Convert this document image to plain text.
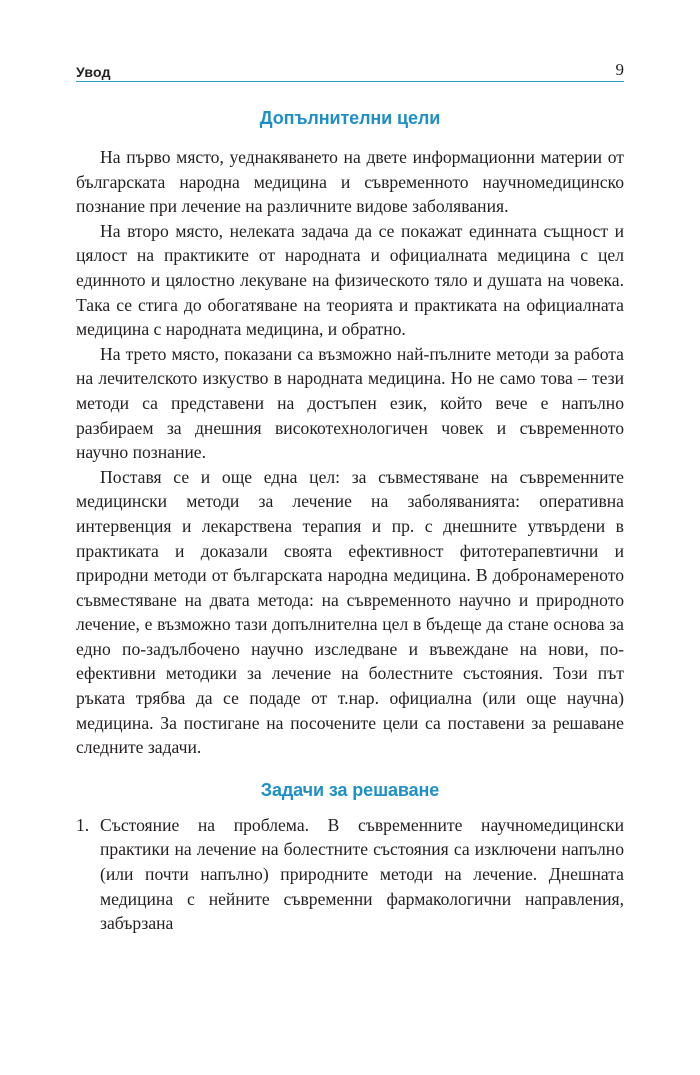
Увод	9
Допълнителни цели

На първо място, уеднакяването на двете информационни материи от българската народна медицина и съвременното научномедицинско познание при лечение на различните видове заболявания.

На второ място, нелеката задача да се покажат единната същност и цялост на практиките от народната и официалната медицина с цел единното и цялостно лекуване на физическото тяло и душата на човека. Така се стига до обогатяване на теорията и практиката на официалната медицина с народната медицина, и обратно.

На трето място, показани са възможно най-пълните методи за работа на лечителското изкуство в народната медицина. Но не само това – тези методи са представени на достъпен език, който вече е напълно разбираем за днешния високотехнологичен човек и съвременното научно познание.

Поставя се и още една цел: за съвместяване на съвременните медицински методи за лечение на заболяванията: оперативна интервенция и лекарствена терапия и пр. с днешните утвърдени в практиката и доказали своята ефективност фитотерапевтични и природни методи от българската народна медицина. В добронамереното съвместяване на двата метода: на съвременното научно и природното лечение, е възможно тази допълнителна цел в бъдеще да стане основа за едно по-задълбочено научно изследване и въвеждане на нови, по-ефективни методики за лечение на болестните състояния. Този път ръката трябва да се подаде от т.нар. официална (или още научна) медицина. За постигане на посочените цели са поставени за решаване следните задачи.

Задачи за решаване
1. Състояние на проблема. В съвременните научномедицински практики на лечение на болестните състояния са изключени напълно (или почти напълно) природните методи на лечение. Днешната медицина с нейните съвременни фармакологични направления, забързана
